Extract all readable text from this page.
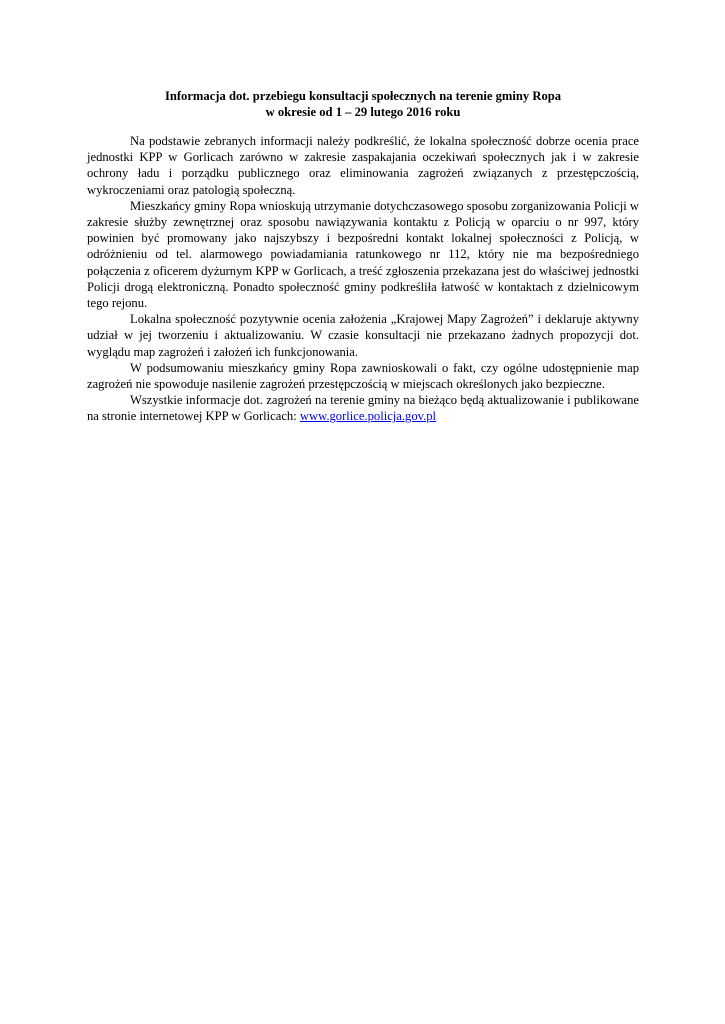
Informacja dot. przebiegu konsultacji społecznych na terenie gminy Ropa
w okresie od 1 – 29 lutego 2016 roku

Na podstawie zebranych informacji należy podkreślić, że lokalna społeczność dobrze ocenia prace jednostki KPP w Gorlicach zarówno w zakresie zaspakajania oczekiwań społecznych jak i w zakresie ochrony ładu i porządku publicznego oraz eliminowania zagrożeń związanych z przestępczością, wykroczeniami oraz patologią społeczną.

Mieszkańcy gminy Ropa wnioskują utrzymanie dotychczasowego sposobu zorganizowania Policji w zakresie służby zewnętrznej oraz sposobu nawiązywania kontaktu z Policją w oparciu o nr 997, który powinien być promowany jako najszybszy i bezpośredni kontakt lokalnej społeczności z Policją, w odróżnieniu od tel. alarmowego powiadamiania ratunkowego nr 112, który nie ma bezpośredniego połączenia z oficerem dyżurnym KPP w Gorlicach, a treść zgłoszenia przekazana jest do właściwej jednostki Policji drogą elektroniczną. Ponadto społeczność gminy podkreśliła łatwość w kontaktach z dzielnicowym tego rejonu.

Lokalna społeczność pozytywnie ocenia założenia „Krajowej Mapy Zagrożeń” i deklaruje aktywny udział w jej tworzeniu i aktualizowaniu. W czasie konsultacji nie przekazano żadnych propozycji dot. wyglądu map zagrożeń i założeń ich funkcjonowania.

W podsumowaniu mieszkańcy gminy Ropa zawnioskowali o fakt, czy ogólne udostępnienie map zagrożeń nie spowoduje nasilenie zagrożeń przestępczością w miejscach określonych jako bezpieczne.

Wszystkie informacje dot. zagrożeń na terenie gminy na bieżąco będą aktualizowanie i publikowane na stronie internetowej KPP w Gorlicach: www.gorlice.policja.gov.pl
